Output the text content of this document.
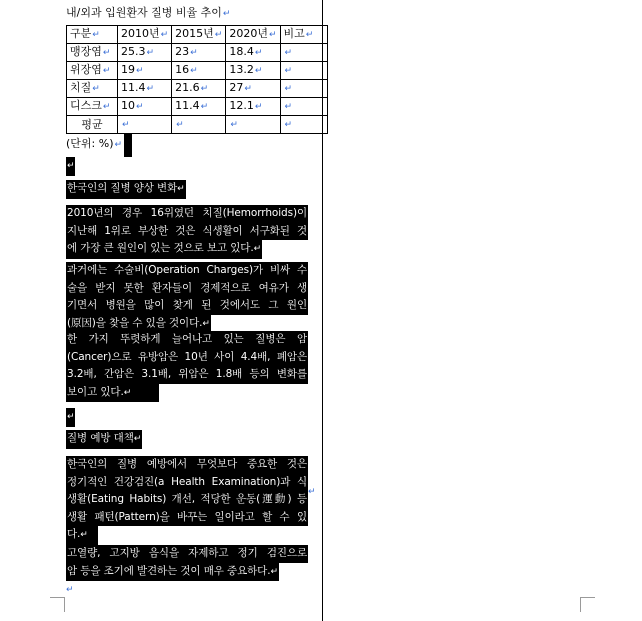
내/외과 입원환자 질병 비율 추이↵
구분↵	2010년↵	2015년↵	2020년↵	비고↵
맹장염↵	25.3↵	23↵	18.4↵	↵
위장염↵	19↵	16↵	13.2↵	↵
치질↵	11.4↵	21.6↵	27↵	↵
디스크↵	10↵	11.4↵	12.1↵	↵
평균	↵	↵	↵	↵
(단위: %)↵
↵
한국인의 질병 양상 변화↵
2010년의 경우 16위였던 치질(Hemorrhoids)이
지난해 1위로 부상한 것은 식생활이 서구화된 것
에 가장 큰 원인이 있는 것으로 보고 있다.↵
과거에는 수술비(Operation Charges)가 비싸 수
술을 받지 못한 환자들이 경제적으로 여유가 생
기면서 병원을 많이 찾게 된 것에서도 그 원인
(原因)을 찾을 수 있을 것이다.↵
한 가지 뚜렷하게 늘어나고 있는 질병은 암
(Cancer)으로 유방암은 10년 사이 4.4배, 폐암은
3.2배, 간암은 3.1배, 위암은 1.8배 등의 변화를
보이고 있다.↵
↵
질병 예방 대책↵
한국인의 질병 예방에서 무엇보다 중요한 것은
정기적인 건강검진(a Health Examination)과 식
생활(Eating Habits) 개선, 적당한 운동(運動) 등
생활 패턴(Pattern)을 바꾸는 일이라고 할 수 있
다.↵
↵
고열량, 고지방 음식을 자제하고 정기 검진으로
암 등을 조기에 발견하는 것이 매우 중요하다.↵
↵
